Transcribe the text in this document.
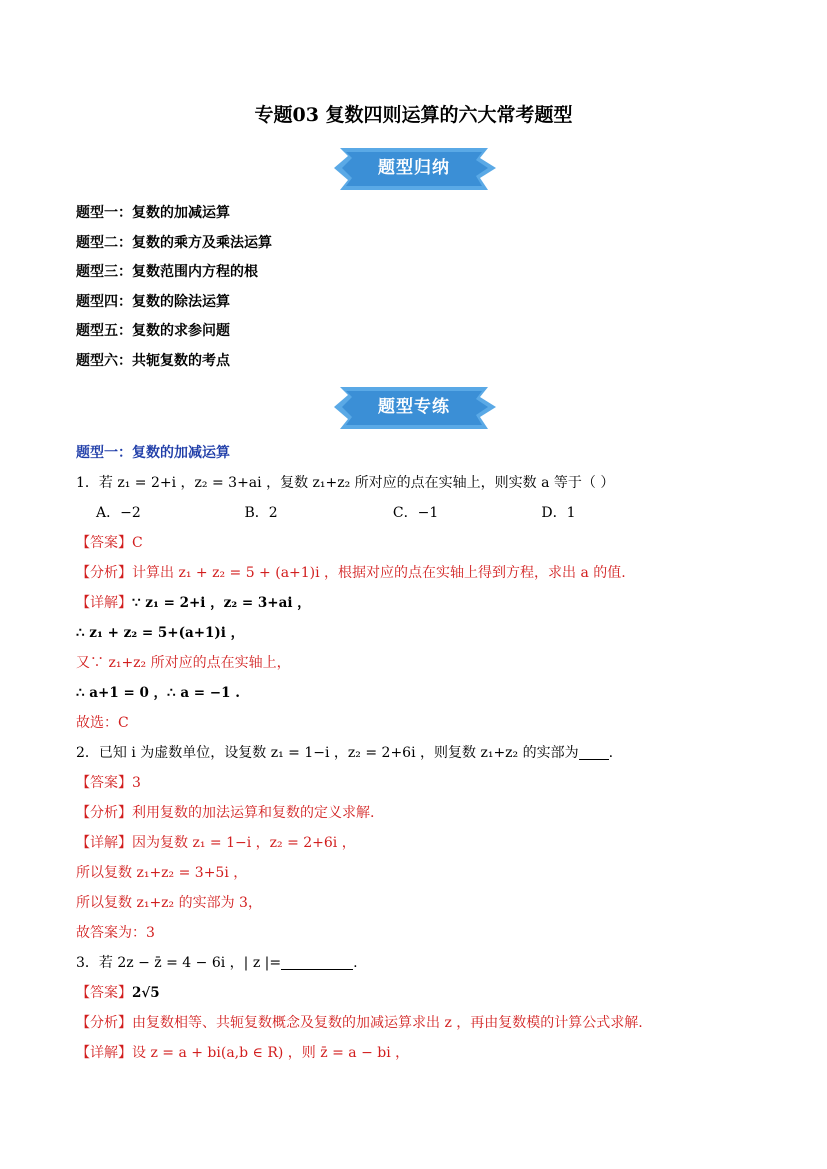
专题03 复数四则运算的六大常考题型
题型归纳
题型一：复数的加减运算
题型二：复数的乘方及乘法运算
题型三：复数范围内方程的根
题型四：复数的除法运算
题型五：复数的求参问题
题型六：共轭复数的考点
题型专练
题型一：复数的加减运算
1．若 z₁ = 2+i ，z₂ = 3+ai ，复数 z₁+z₂ 所对应的点在实轴上，则实数 a 等于（ ）
A．−2	B．2	C．−1	D．1
【答案】C
【分析】计算出 z₁ + z₂ = 5 + (a+1)i ，根据对应的点在实轴上得到方程，求出 a 的值.
【详解】∵ z₁ = 2+i ，z₂ = 3+ai ，
∴ z₁ + z₂ = 5+(a+1)i ，
又∵ z₁+z₂ 所对应的点在实轴上，
∴ a+1 = 0 ，∴ a = −1 .
故选：C
2．已知 i 为虚数单位，设复数 z₁ = 1−i ，z₂ = 2+6i ，则复数 z₁+z₂ 的实部为 .
【答案】3
【分析】利用复数的加法运算和复数的定义求解.
【详解】因为复数 z₁ = 1−i ，z₂ = 2+6i ，
所以复数 z₁+z₂ = 3+5i ，
所以复数 z₁+z₂ 的实部为 3，
故答案为：3
3．若 2z − z̄ = 4 − 6i ，| z |=	.
【答案】2√5
【分析】由复数相等、共轭复数概念及复数的加减运算求出 z ，再由复数模的计算公式求解.
【详解】设 z = a + bi(a,b ∈ R) ，则 z̄ = a − bi ，
